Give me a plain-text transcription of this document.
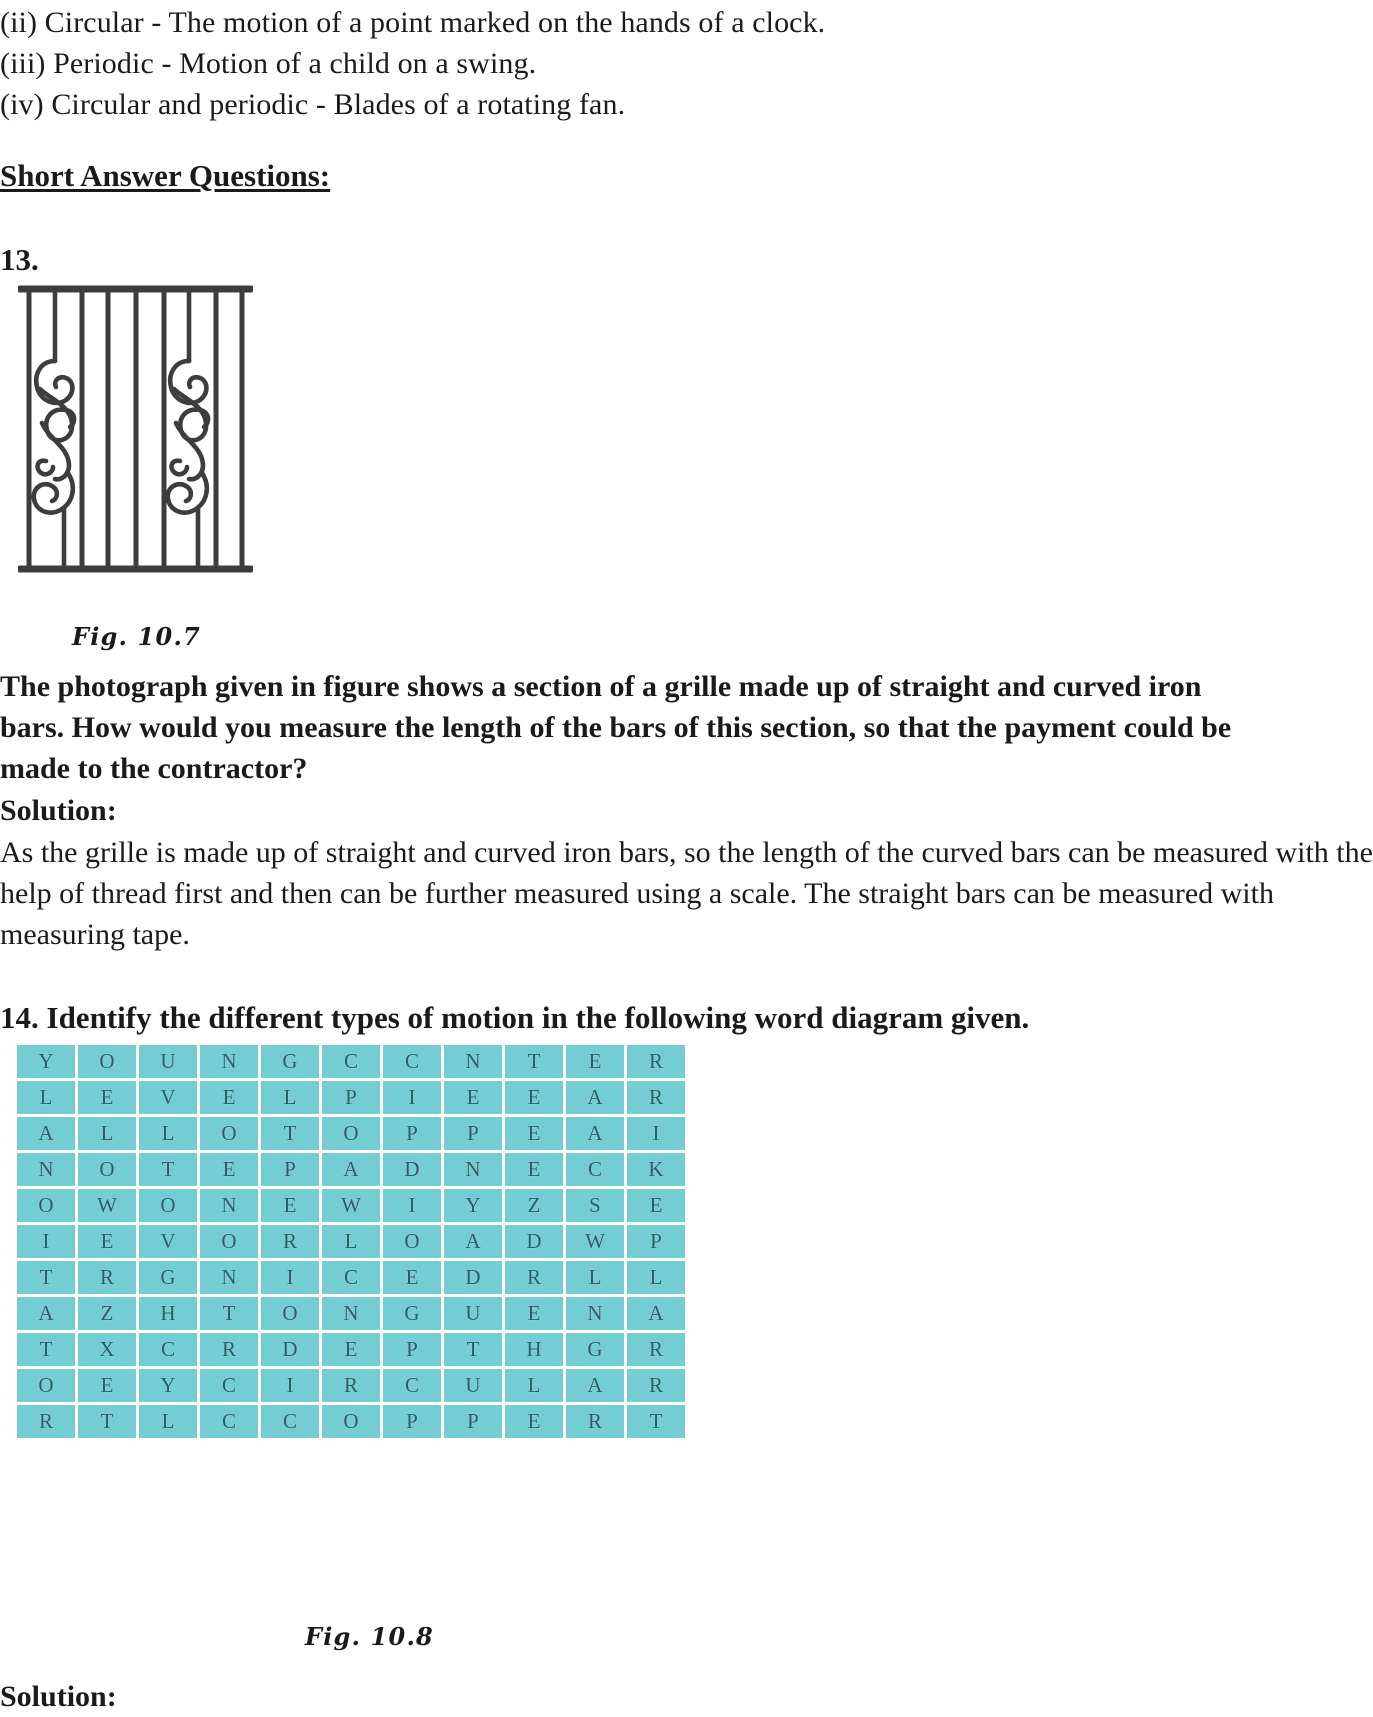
(ii) Circular - The motion of a point marked on the hands of a clock.
(iii) Periodic - Motion of a child on a swing.
(iv) Circular and periodic - Blades of a rotating fan.
Short Answer Questions:
13.
Fig. 10.7
The photograph given in figure shows a section of a grille made up of straight and curved iron bars. How would you measure the length of the bars of this section, so that the payment could be made to the contractor?
Solution:
As the grille is made up of straight and curved iron bars, so the length of the curved bars can be measured with the help of thread first and then can be further measured using a scale. The straight bars can be measured with measuring tape.
14. Identify the different types of motion in the following word diagram given.
Y	O	U	N	G	C	C	N	T	E	R
L	E	V	E	L	P	I	E	E	A	R
A	L	L	O	T	O	P	P	E	A	I
N	O	T	E	P	A	D	N	E	C	K
O	W	O	N	E	W	I	Y	Z	S	E
I	E	V	O	R	L	O	A	D	W	P
T	R	G	N	I	C	E	D	R	L	L
A	Z	H	T	O	N	G	U	E	N	A
T	X	C	R	D	E	P	T	H	G	R
O	E	Y	C	I	R	C	U	L	A	R
R	T	L	C	C	O	P	P	E	R	T
Fig. 10.8
Solution:
